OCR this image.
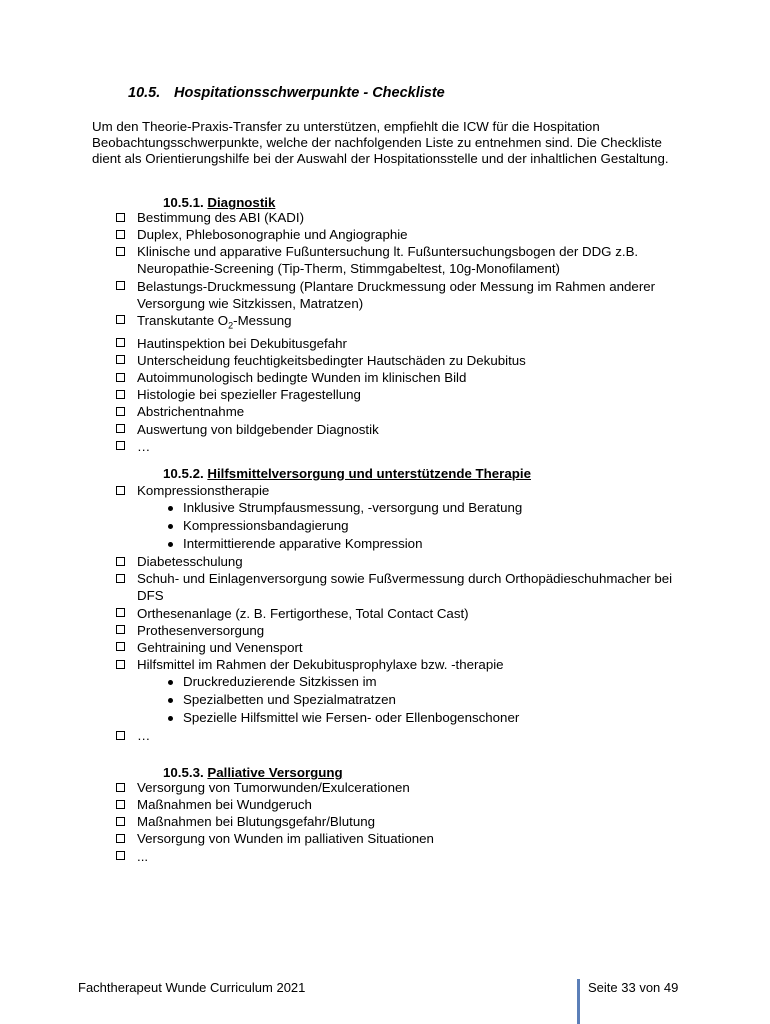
10.5. Hospitationsschwerpunkte - Checkliste

Um den Theorie-Praxis-Transfer zu unterstützen, empfiehlt die ICW für die Hospitation Beobachtungsschwerpunkte, welche der nachfolgenden Liste zu entnehmen sind. Die Checkliste dient als Orientierungshilfe bei der Auswahl der Hospitationsstelle und der inhaltlichen Gestaltung.

10.5.1. Diagnostik
Bestimmung des ABI (KADI)
Duplex, Phlebosonographie und Angiographie
Klinische und apparative Fußuntersuchung lt. Fußuntersuchungsbogen der DDG z.B. Neuropathie-Screening (Tip-Therm, Stimmgabeltest, 10g-Monofilament)
Belastungs-Druckmessung (Plantare Druckmessung oder Messung im Rahmen anderer Versorgung wie Sitzkissen, Matratzen)
Transkutante $O_2$-Messung
Hautinspektion bei Dekubitusgefahr
Unterscheidung feuchtigkeitsbedingter Hautschäden zu Dekubitus
Autoimmunologisch bedingte Wunden im klinischen Bild
Histologie bei spezieller Fragestellung
Abstrichentnahme
Auswertung von bildgebender Diagnostik
…
10.5.2. Hilfsmittelversorgung und unterstützende Therapie
Kompressionstherapie
Inklusive Strumpfausmessung, -versorgung und Beratung
Kompressionsbandagierung
Intermittierende apparative Kompression
Diabetesschulung
Schuh- und Einlagenversorgung sowie Fußvermessung durch Orthopädieschuhmacher bei DFS
Orthesenanlage (z. B. Fertigorthese, Total Contact Cast)
Prothesenversorgung
Gehtraining und Venensport
Hilfsmittel im Rahmen der Dekubitusprophylaxe bzw. -therapie
Druckreduzierende Sitzkissen im
Spezialbetten und Spezialmatratzen
Spezielle Hilfsmittel wie Fersen- oder Ellenbogenschoner
…
10.5.3. Palliative Versorgung
Versorgung von Tumorwunden/Exulcerationen
Maßnahmen bei Wundgeruch
Maßnahmen bei Blutungsgefahr/Blutung
Versorgung von Wunden im palliativen Situationen
...
Fachtherapeut Wunde Curriculum 2021	Seite 33 von 49
